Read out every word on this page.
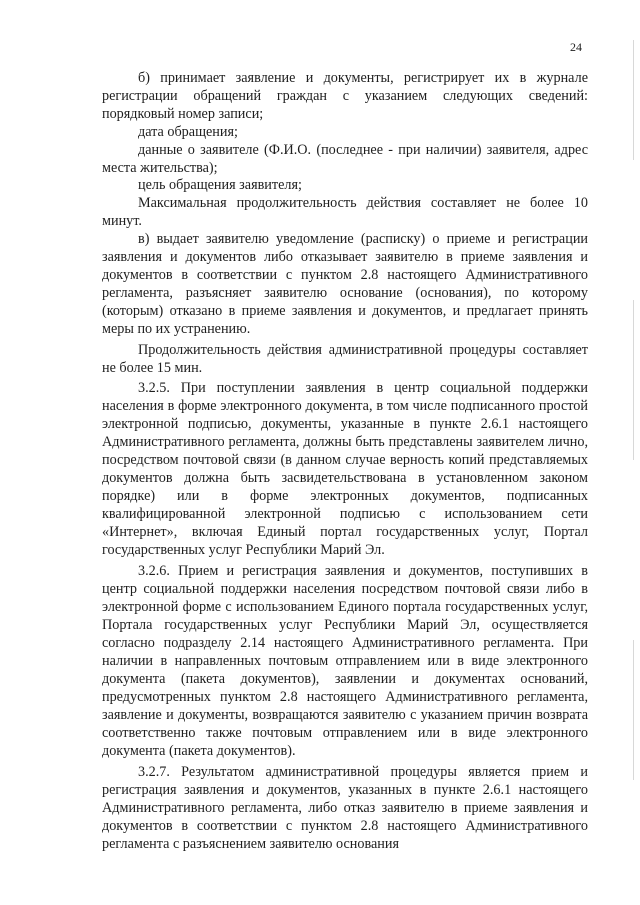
24

б) принимает заявление и документы, регистрирует их в журнале регистрации обращений граждан с указанием следующих сведений: порядковый номер записи;

дата обращения;

данные о заявителе (Ф.И.О. (последнее - при наличии) заявителя, адрес места жительства);

цель обращения заявителя;

Максимальная продолжительность действия составляет не более 10 минут.

в) выдает заявителю уведомление (расписку) о приеме и регистрации заявления и документов либо отказывает заявителю в приеме заявления и документов в соответствии с пунктом 2.8 настоящего Административного регламента, разъясняет заявителю основание (основания), по которому (которым) отказано в приеме заявления и документов, и предлагает принять меры по их устранению.

Продолжительность действия административной процедуры составляет не более 15 мин.

3.2.5. При поступлении заявления в центр социальной поддержки населения в форме электронного документа, в том числе подписанного простой электронной подписью, документы, указанные в пункте 2.6.1 настоящего Административного регламента, должны быть представлены заявителем лично, посредством почтовой связи (в данном случае верность копий представляемых документов должна быть засвидетельствована в установленном законом порядке) или в форме электронных документов, подписанных квалифицированной электронной подписью с использованием сети «Интернет», включая Единый портал государственных услуг, Портал государственных услуг Республики Марий Эл.

3.2.6. Прием и регистрация заявления и документов, поступивших в центр социальной поддержки населения посредством почтовой связи либо в электронной форме с использованием Единого портала государственных услуг, Портала государственных услуг Республики Марий Эл, осуществляется согласно подразделу 2.14 настоящего Административного регламента. При наличии в направленных почтовым отправлением или в виде электронного документа (пакета документов), заявлении и документах оснований, предусмотренных пунктом 2.8 настоящего Административного регламента, заявление и документы, возвращаются заявителю с указанием причин возврата соответственно также почтовым отправлением или в виде электронного документа (пакета документов).

3.2.7. Результатом административной процедуры является прием и регистрация заявления и документов, указанных в пункте 2.6.1 настоящего Административного регламента, либо отказ заявителю в приеме заявления и документов в соответствии с пунктом 2.8 настоящего Административного регламента с разъяснением заявителю основания
